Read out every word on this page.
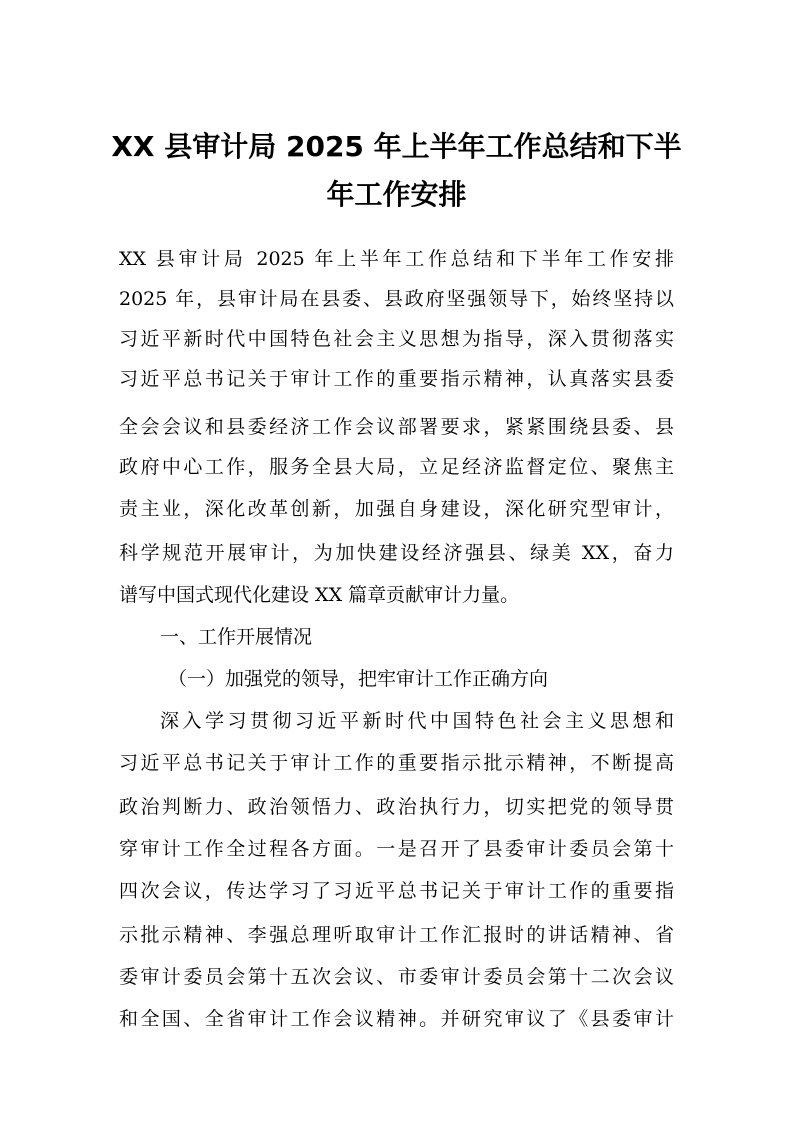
XX 县审计局 2025 年上半年工作总结和下半
年工作安排

XX 县审计局 2025 年上半年工作总结和下半年工作安排

2025 年，县审计局在县委、县政府坚强领导下，始终坚持以

习近平新时代中国特色社会主义思想为指导，深入贯彻落实

习近平总书记关于审计工作的重要指示精神，认真落实县委

全会会议和县委经济工作会议部署要求，紧紧围绕县委、县

政府中心工作，服务全县大局，立足经济监督定位、聚焦主

责主业，深化改革创新，加强自身建设，深化研究型审计，

科学规范开展审计，为加快建设经济强县、绿美 XX，奋力

谱写中国式现代化建设 XX 篇章贡献审计力量。

一、工作开展情况

（一）加强党的领导，把牢审计工作正确方向

深入学习贯彻习近平新时代中国特色社会主义思想和

习近平总书记关于审计工作的重要指示批示精神，不断提高

政治判断力、政治领悟力、政治执行力，切实把党的领导贯

穿审计工作全过程各方面。一是召开了县委审计委员会第十

四次会议，传达学习了习近平总书记关于审计工作的重要指

示批示精神、李强总理听取审计工作汇报时的讲话精神、省

委审计委员会第十五次会议、市委审计委员会第十二次会议

和全国、全省审计工作会议精神。并研究审议了《县委审计
